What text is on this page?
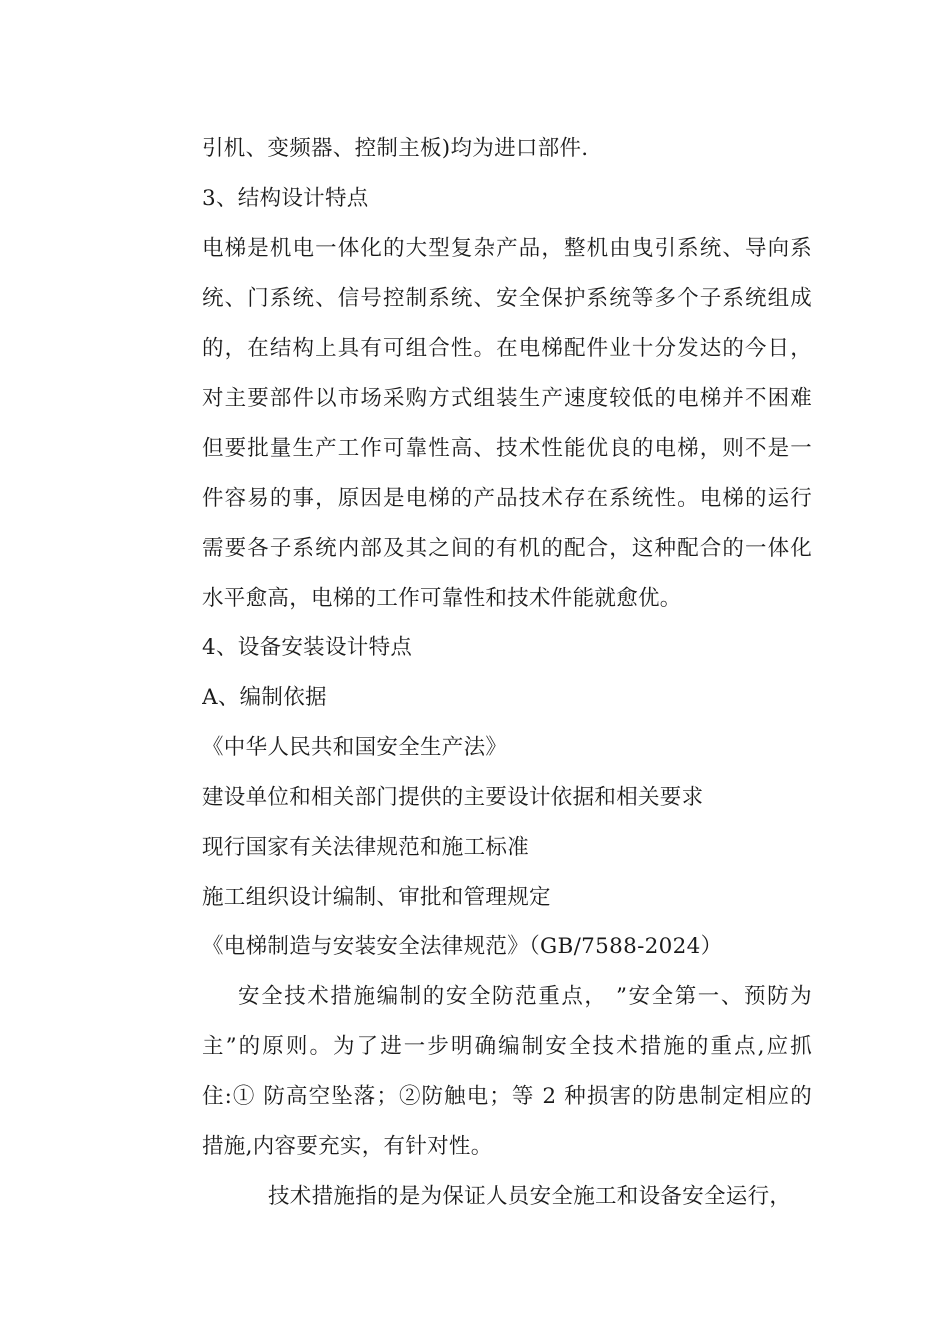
引机、变频器、控制主板)均为进口部件.
3、结构设计特点
电梯是机电一体化的大型复杂产品，整机由曳引系统、导向系
统、门系统、信号控制系统、安全保护系统等多个子系统组成
的，在结构上具有可组合性。在电梯配件业十分发达的今日，
对主要部件以市场采购方式组装生产速度较低的电梯并不困难
但要批量生产工作可靠性高、技术性能优良的电梯，则不是一
件容易的事，原因是电梯的产品技术存在系统性。电梯的运行
需要各子系统内部及其之间的有机的配合，这种配合的一体化
水平愈高，电梯的工作可靠性和技术件能就愈优。
4、设备安装设计特点
A、编制依据
《中华人民共和国安全生产法》
建设单位和相关部门提供的主要设计依据和相关要求
现行国家有关法律规范和施工标准
施工组织设计编制、审批和管理规定
《电梯制造与安装安全法律规范》（GB/7588-2024）
安全技术措施编制的安全防范重点， ”安全第一、预防为
主”的原则。为了进一步明确编制安全技术措施的重点,应抓
住:① 防高空坠落；②防触电；等 2 种损害的防患制定相应的
措施,内容要充实，有针对性。
技术措施指的是为保证人员安全施工和设备安全运行，
